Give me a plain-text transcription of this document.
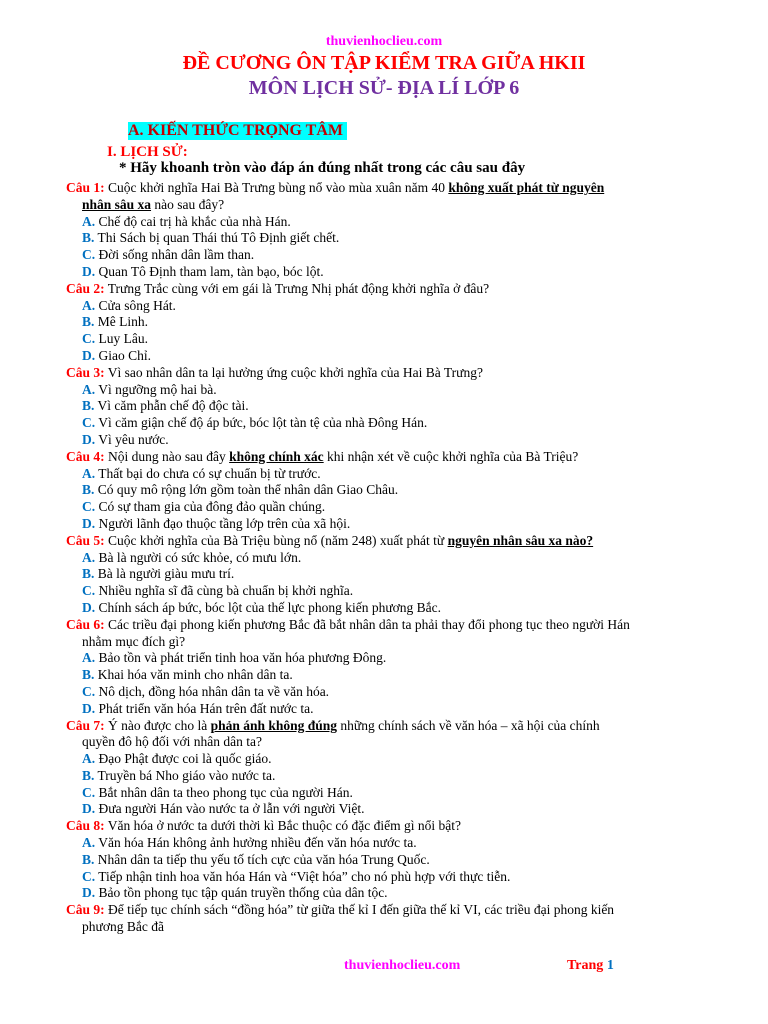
thuvienhoclieu.com
ĐỀ CƯƠNG ÔN TẬP KIỂM TRA GIỮA HKII
MÔN LỊCH SỬ- ĐỊA LÍ LỚP 6
A. KIẾN THỨC TRỌNG TÂM
I. LỊCH SỬ:
* Hãy khoanh tròn vào đáp án đúng nhất trong các câu sau đây
Câu 1: Cuộc khởi nghĩa Hai Bà Trưng bùng nổ vào mùa xuân năm 40 không xuất phát từ nguyên
nhân sâu xa nào sau đây?
A. Chế độ cai trị hà khắc của nhà Hán.
B. Thi Sách bị quan Thái thú Tô Định giết chết.
C. Đời sống nhân dân lầm than.
D. Quan Tô Định tham lam, tàn bạo, bóc lột.
Câu 2: Trưng Trắc cùng với em gái là Trưng Nhị phát động khởi nghĩa ở đâu?
A. Cửa sông Hát.
B. Mê Linh.
C. Luy Lâu.
D. Giao Chỉ.
Câu 3: Vì sao nhân dân ta lại hưởng ứng cuộc khởi nghĩa của Hai Bà Trưng?
A. Vì ngưỡng mộ hai bà.
B. Vì căm phẫn chế độ độc tài.
C. Vì căm giận chế độ áp bức, bóc lột tàn tệ của nhà Đông Hán.
D. Vì yêu nước.
Câu 4: Nội dung nào sau đây không chính xác khi nhận xét về cuộc khởi nghĩa của Bà Triệu?
A. Thất bại do chưa có sự chuẩn bị từ trước.
B. Có quy mô rộng lớn gồm toàn thể nhân dân Giao Châu.
C. Có sự tham gia của đông đảo quần chúng.
D. Người lãnh đạo thuộc tầng lớp trên của xã hội.
Câu 5: Cuộc khởi nghĩa của Bà Triệu bùng nổ (năm 248) xuất phát từ nguyên nhân sâu xa nào?
A. Bà là người có sức khỏe, có mưu lớn.
B. Bà là người giàu mưu trí.
C. Nhiều nghĩa sĩ đã cùng bà chuẩn bị khởi nghĩa.
D. Chính sách áp bức, bóc lột của thế lực phong kiến phương Bắc.
Câu 6: Các triều đại phong kiến phương Bắc đã bắt nhân dân ta phải thay đổi phong tục theo người Hán
nhằm mục đích gì?
A. Bảo tồn và phát triển tinh hoa văn hóa phương Đông.
B. Khai hóa văn minh cho nhân dân ta.
C. Nô dịch, đồng hóa nhân dân ta về văn hóa.
D. Phát triển văn hóa Hán trên đất nước ta.
Câu 7: Ý nào được cho là phản ánh không đúng những chính sách về văn hóa – xã hội của chính
quyền đô hộ đối với nhân dân ta?
A. Đạo Phật được coi là quốc giáo.
B. Truyền bá Nho giáo vào nước ta.
C. Bắt nhân dân ta theo phong tục của người Hán.
D. Đưa người Hán vào nước ta ở lẫn với người Việt.
Câu 8: Văn hóa ở nước ta dưới thời kì Bắc thuộc có đặc điểm gì nổi bật?
A. Văn hóa Hán không ảnh hưởng nhiều đến văn hóa nước ta.
B. Nhân dân ta tiếp thu yếu tố tích cực của văn hóa Trung Quốc.
C. Tiếp nhận tinh hoa văn hóa Hán và “Việt hóa” cho nó phù hợp với thực tiễn.
D. Bảo tồn phong tục tập quán truyền thống của dân tộc.
Câu 9: Để tiếp tục chính sách “đồng hóa” từ giữa thế kỉ I đến giữa thế kỉ VI, các triều đại phong kiến
phương Bắc đã
thuvienhoclieu.com	Trang 1
